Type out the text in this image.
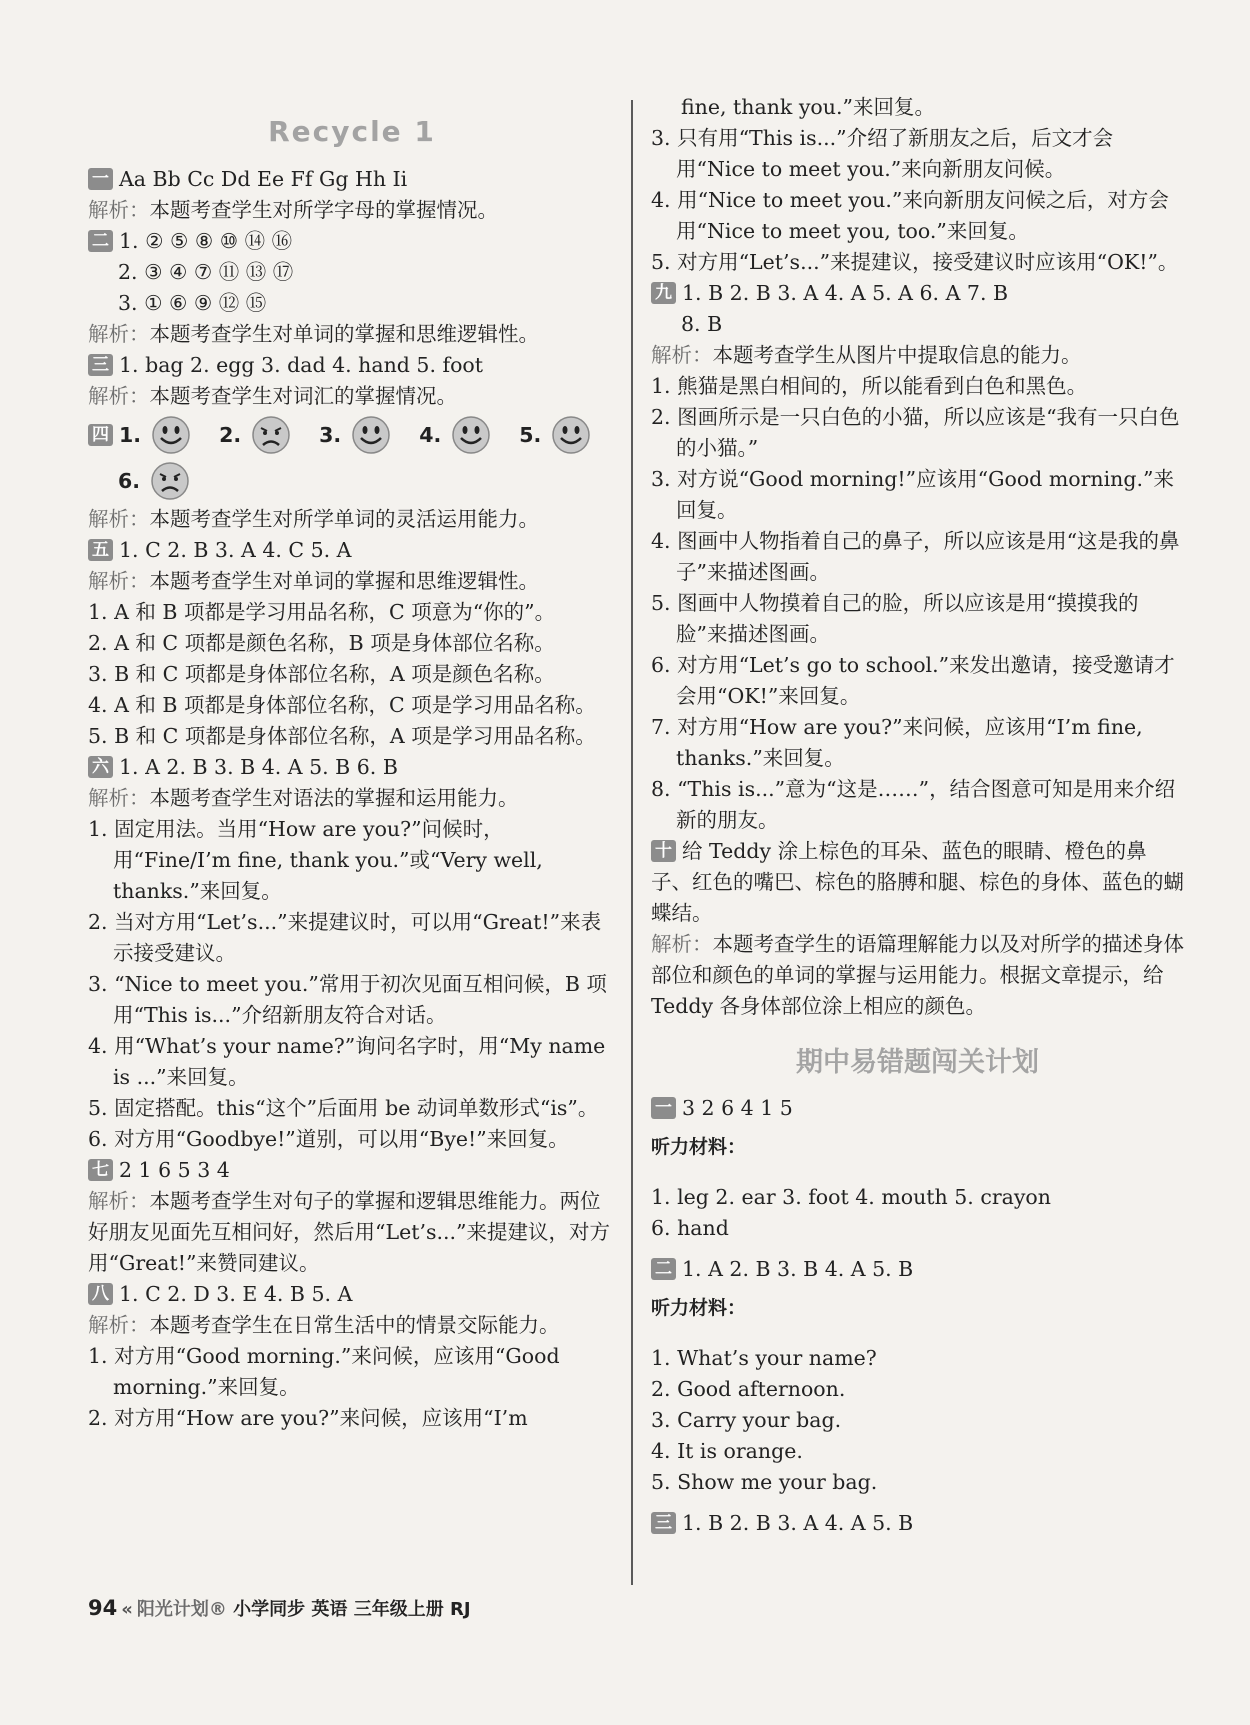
Recycle 1

一 Aa Bb Cc Dd Ee Ff Gg Hh Ii

解析：本题考查学生对所学字母的掌握情况。

二 1. ② ⑤ ⑧ ⑩ ⑭ ⑯

2. ③ ④ ⑦ ⑪ ⑬ ⑰

3. ① ⑥ ⑨ ⑫ ⑮

解析：本题考查学生对单词的掌握和思维逻辑性。

三 1. bag 2. egg 3. dad 4. hand 5. foot

解析：本题考查学生对词汇的掌握情况。

四 1.	2.	3.	4.	5.
6.

解析：本题考查学生对所学单词的灵活运用能力。

五 1. C 2. B 3. A 4. C 5. A

解析：本题考查学生对单词的掌握和思维逻辑性。

1. A 和 B 项都是学习用品名称，C 项意为“你的”。

2. A 和 C 项都是颜色名称，B 项是身体部位名称。

3. B 和 C 项都是身体部位名称，A 项是颜色名称。

4. A 和 B 项都是身体部位名称，C 项是学习用品名称。

5. B 和 C 项都是身体部位名称，A 项是学习用品名称。

六 1. A 2. B 3. B 4. A 5. B 6. B

解析：本题考查学生对语法的掌握和运用能力。

1. 固定用法。当用“How are you?”问候时，用“Fine/I’m fine, thank you.”或“Very well, thanks.”来回复。

2. 当对方用“Let’s...”来提建议时，可以用“Great!”来表示接受建议。

3. “Nice to meet you.”常用于初次见面互相问候，B 项用“This is...”介绍新朋友符合对话。

4. 用“What’s your name?”询问名字时，用“My name is ...”来回复。

5. 固定搭配。this“这个”后面用 be 动词单数形式“is”。

6. 对方用“Goodbye!”道别，可以用“Bye!”来回复。

七 2 1 6 5 3 4

解析：本题考查学生对句子的掌握和逻辑思维能力。两位好朋友见面先互相问好，然后用“Let’s...”来提建议，对方用“Great!”来赞同建议。

八 1. C 2. D 3. E 4. B 5. A

解析：本题考查学生在日常生活中的情景交际能力。

1. 对方用“Good morning.”来问候，应该用“Good morning.”来回复。

2. 对方用“How are you?”来问候，应该用“I’m

fine, thank you.”来回复。

3. 只有用“This is...”介绍了新朋友之后，后文才会用“Nice to meet you.”来向新朋友问候。

4. 用“Nice to meet you.”来向新朋友问候之后，对方会用“Nice to meet you, too.”来回复。

5. 对方用“Let’s...”来提建议，接受建议时应该用“OK!”。

九 1. B 2. B 3. A 4. A 5. A 6. A 7. B

8. B

解析：本题考查学生从图片中提取信息的能力。

1. 熊猫是黑白相间的，所以能看到白色和黑色。

2. 图画所示是一只白色的小猫，所以应该是“我有一只白色的小猫。”

3. 对方说“Good morning!”应该用“Good morning.”来回复。

4. 图画中人物指着自己的鼻子，所以应该是用“这是我的鼻子”来描述图画。

5. 图画中人物摸着自己的脸，所以应该是用“摸摸我的脸”来描述图画。

6. 对方用“Let’s go to school.”来发出邀请，接受邀请才会用“OK!”来回复。

7. 对方用“How are you?”来问候，应该用“I’m fine, thanks.”来回复。

8. “This is...”意为“这是……”，结合图意可知是用来介绍新的朋友。

十 给 Teddy 涂上棕色的耳朵、蓝色的眼睛、橙色的鼻子、红色的嘴巴、棕色的胳膊和腿、棕色的身体、蓝色的蝴蝶结。

解析：本题考查学生的语篇理解能力以及对所学的描述身体部位和颜色的单词的掌握与运用能力。根据文章提示，给 Teddy 各身体部位涂上相应的颜色。

期中易错题闯关计划

一 3 2 6 4 1 5

听力材料：

1. leg 2. ear 3. foot 4. mouth 5. crayon

6. hand

二 1. A 2. B 3. B 4. A 5. B

听力材料：

1. What’s your name?

2. Good afternoon.

3. Carry your bag.

4. It is orange.

5. Show me your bag.

三 1. B 2. B 3. A 4. A 5. B

94 « 阳光计划® 小学同步 英语 三年级上册 RJ
